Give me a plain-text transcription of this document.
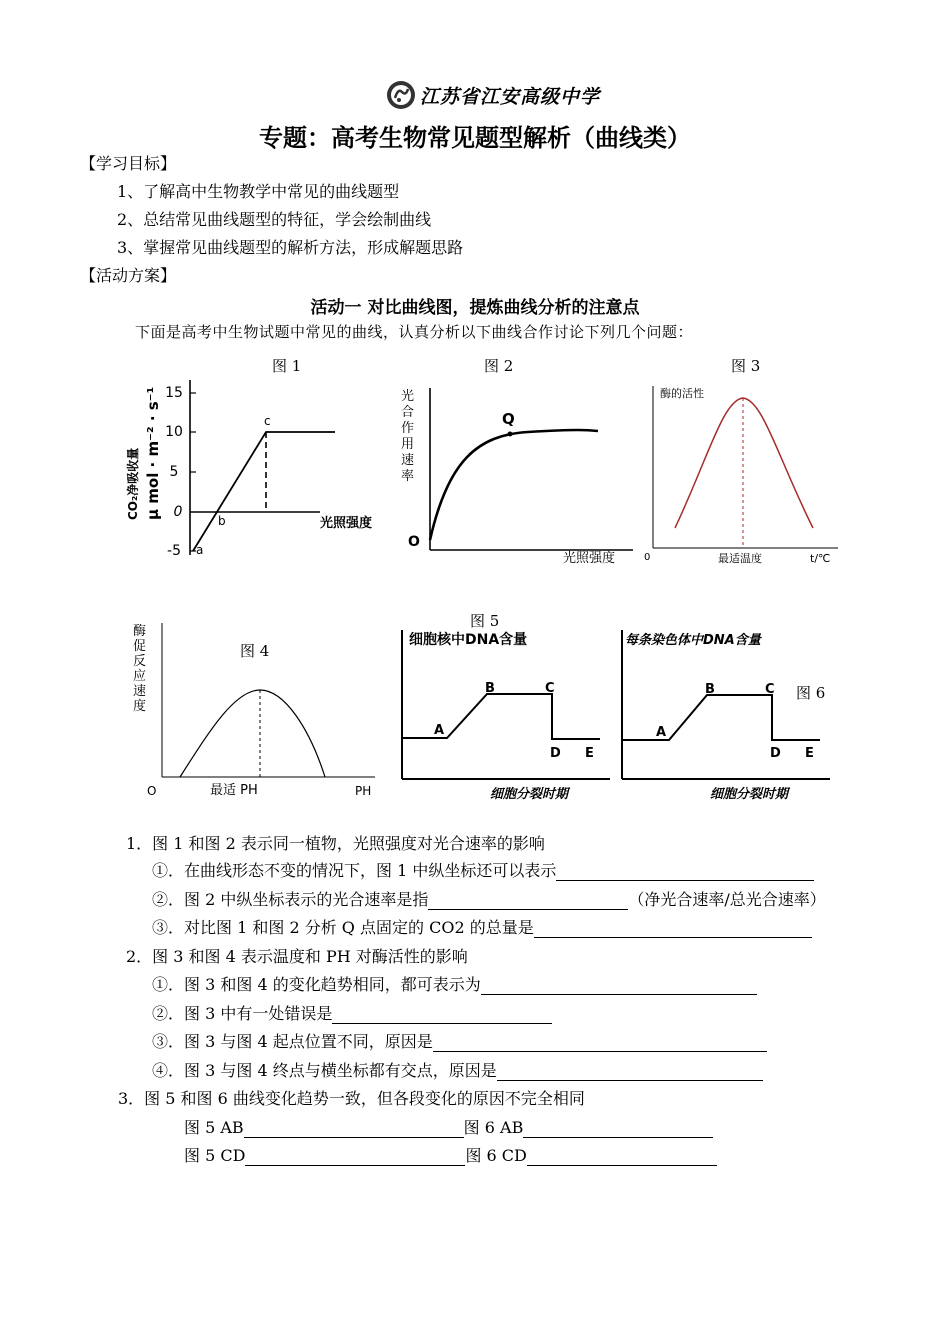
江苏省江安高级中学
专题：高考生物常见题型解析（曲线类）
【学习目标】
1、了解高中生物教学中常见的曲线题型
2、总结常见曲线题型的特征，学会绘制曲线
3、掌握常见曲线题型的解析方法，形成解题思路
【活动方案】
活动一 对比曲线图，提炼曲线分析的注意点
下面是高考中生物试题中常见的曲线，认真分析以下曲线合作讨论下列几个问题：
图 1	图 2	图 3
图 4
图 5
图 6
15
10
5
0
-5 a
b
c
光照强度
CO₂净吸收量 μ mol · m⁻² · s⁻¹	Q
O
光照强度
光合作用速率
酶的活性
0	最适温度	t/℃
酶促反应速度
O	最适 PH	PH
细胞核中DNA含量
A
B	C
D E
细胞分裂时期
每条染色体中DNA含量
A
B	C
D E
细胞分裂时期
1．图 1 和图 2 表示同一植物，光照强度对光合速率的影响
①．在曲线形态不变的情况下，图 1 中纵坐标还可以表示
②．图 2 中纵坐标表示的光合速率是指	（净光合速率/总光合速率）
③．对比图 1 和图 2 分析 Q 点固定的 CO2 的总量是
2．图 3 和图 4 表示温度和 PH 对酶活性的影响
①．图 3 和图 4 的变化趋势相同，都可表示为
②．图 3 中有一处错误是
③．图 3 与图 4 起点位置不同，原因是
④．图 3 与图 4 终点与横坐标都有交点，原因是
3．图 5 和图 6 曲线变化趋势一致，但各段变化的原因不完全相同
图 5 AB	图 6 AB
图 5 CD	图 6 CD
